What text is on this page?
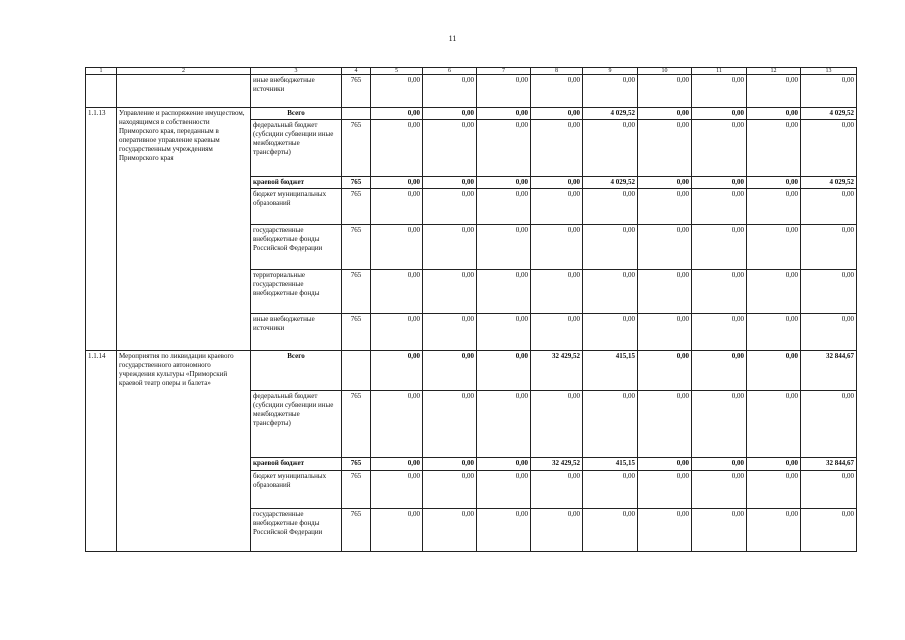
11
1	2	3	4	5	6	7	8	9	10	11	12	13
		иные внебюджетные источники	765	0,00	0,00	0,00	0,00	0,00	0,00	0,00	0,00	0,00
1.1.13	Управление и распоряжение имуществом, находящимся в собственности Приморского края, переданным в оперативное управление краевым государственным учреждениям Приморского края	Всего		0,00	0,00	0,00	0,00	4 029,52	0,00	0,00	0,00	4 029,52
		федеральный бюджет (субсидии субвенции иные межбюджетные трансферты)	765	0,00	0,00	0,00	0,00	0,00	0,00	0,00	0,00	0,00
		краевой бюджет	765	0,00	0,00	0,00	0,00	4 029,52	0,00	0,00	0,00	4 029,52
		бюджет муниципальных образований	765	0,00	0,00	0,00	0,00	0,00	0,00	0,00	0,00	0,00
		государственные внебюджетные фонды Российской Федерации	765	0,00	0,00	0,00	0,00	0,00	0,00	0,00	0,00	0,00
		территориальные государственные внебюджетные фонды	765	0,00	0,00	0,00	0,00	0,00	0,00	0,00	0,00	0,00
		иные внебюджетные источники	765	0,00	0,00	0,00	0,00	0,00	0,00	0,00	0,00	0,00
1.1.14	Мероприятия по ликвидации краевого государственного автономного учреждения культуры «Приморский краевой театр оперы и балета»	Всего		0,00	0,00	0,00	32 429,52	415,15	0,00	0,00	0,00	32 844,67
		федеральный бюджет (субсидии субвенции иные межбюджетные трансферты)	765	0,00	0,00	0,00	0,00	0,00	0,00	0,00	0,00	0,00
		краевой бюджет	765	0,00	0,00	0,00	32 429,52	415,15	0,00	0,00	0,00	32 844,67
		бюджет муниципальных образований	765	0,00	0,00	0,00	0,00	0,00	0,00	0,00	0,00	0,00
		государственные внебюджетные фонды Российской Федерации	765	0,00	0,00	0,00	0,00	0,00	0,00	0,00	0,00	0,00
